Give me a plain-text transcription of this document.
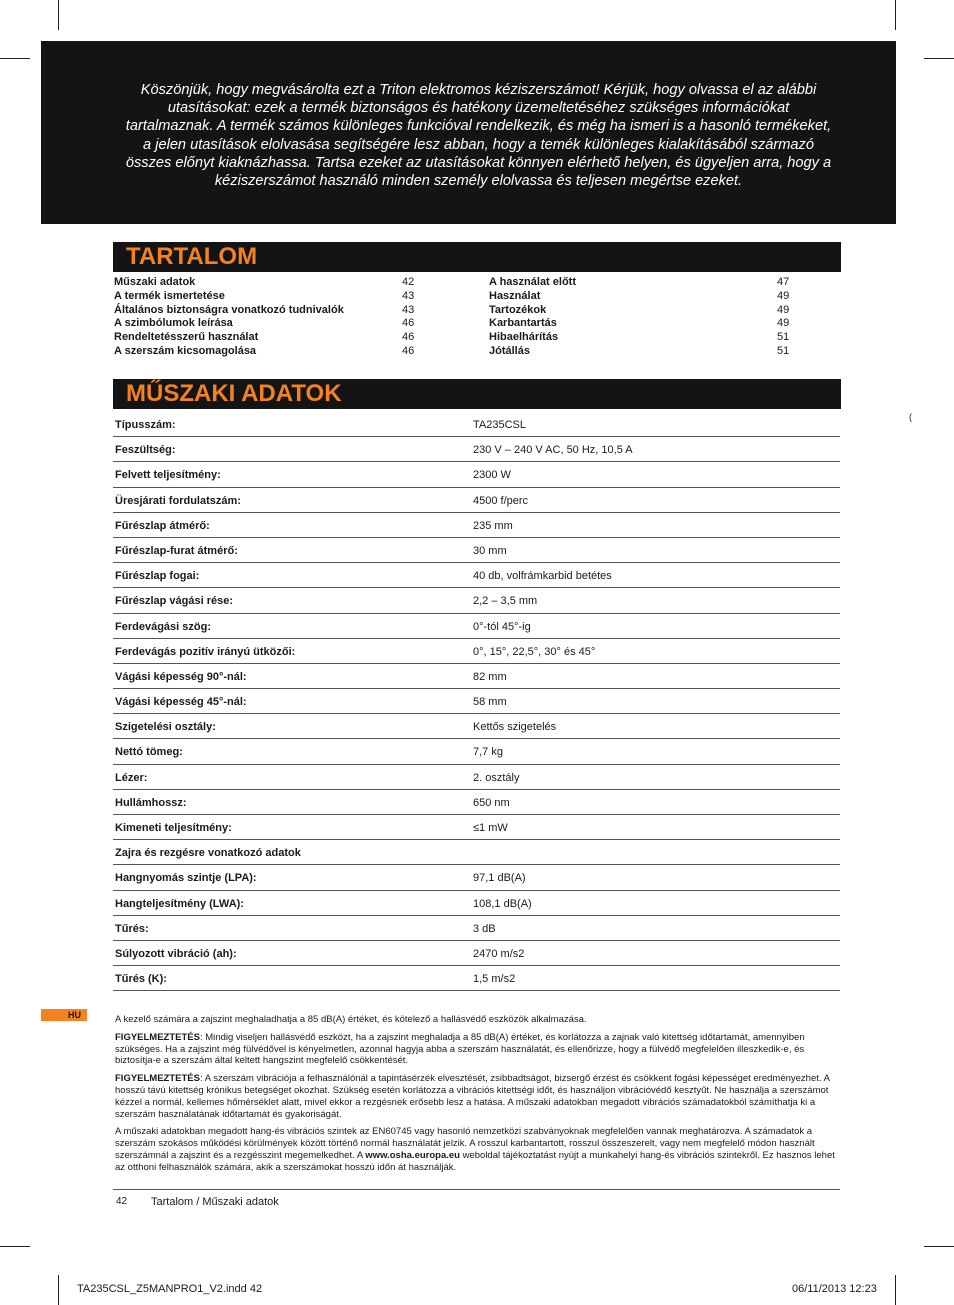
Köszönjük, hogy megvásárolta ezt a Triton elektromos kéziszerszámot! Kérjük, hogy olvassa el az alábbi utasításokat: ezek a termék biztonságos és hatékony üzemeltetéséhez szükséges információkat tartalmaznak. A termék számos különleges funkcióval rendelkezik, és még ha ismeri is a hasonló termékeket, a jelen utasítások elolvasása segítségére lesz abban, hogy a temék különleges kialakításából származó összes előnyt kiaknázhassa. Tartsa ezeket az utasításokat könnyen elérhető helyen, és ügyeljen arra, hogy a kéziszerszámot használó minden személy elolvassa és teljesen megértse ezeket.

TARTALOM
Műszaki adatok	42
A termék ismertetése	43
Általános biztonságra vonatkozó tudnivalók	43
A szimbólumok leírása	46
Rendeltetésszerű használat	46
A szerszám kicsomagolása	46
A használat előtt	47
Használat	49
Tartozékok	49
Karbantartás	49
Hibaelhárítás	51
Jótállás	51
MŰSZAKI ADATOK
(
Típusszám:	TA235CSL
Feszültség:	230 V – 240 V AC, 50 Hz, 10,5 A
Felvett teljesítmény:	2300 W
Üresjárati fordulatszám:	4500 f/perc
Fűrészlap átmérő:	235 mm
Fűrészlap-furat átmérő:	30 mm
Fűrészlap fogai:	40 db, volfrámkarbid betétes
Fűrészlap vágási rése:	2,2 – 3,5 mm
Ferdevágási szög:	0°-tól 45°-ig
Ferdevágás pozitív irányú ütközői:	0°, 15°, 22,5°, 30° és 45°
Vágási képesség 90°-nál:	82 mm
Vágási képesség 45°-nál:	58 mm
Szigetelési osztály:	Kettős szigetelés
Nettó tömeg:	7,7 kg
Lézer:	2. osztály
Hullámhossz:	650 nm
Kimeneti teljesítmény:	≤1 mW
Zajra és rezgésre vonatkozó adatok
Hangnyomás szintje (LPA):	97,1 dB(A)
Hangteljesítmény (LWA):	108,1 dB(A)
Tűrés:	3 dB
Súlyozott vibráció (ah):	2470 m/s2
Tűrés (K):	1,5 m/s2
HU	A kezelő számára a zajszint meghaladhatja a 85 dB(A) értéket, és kötelező a hallásvédő eszközök alkalmazása.

FIGYELMEZTETÉS: Mindig viseljen hallásvédő eszközt, ha a zajszint meghaladja a 85 dB(A) értéket, és korlátozza a zajnak való kitettség időtartamát, amennyiben szükséges. Ha a zajszint még fülvédővel is kényelmetlen, azonnal hagyja abba a szerszám használatát, és ellenőrizze, hogy a fülvédő megfelelően illeszkedik-e, és biztosítja-e a szerszám által keltett hangszint megfelelő csökkentését.

FIGYELMEZTETÉS: A szerszám vibrációja a felhasználónál a tapintásérzék elvesztését, zsibbadtságot, bizsergő érzést és csökkent fogási képességet eredményezhet. A hosszú távú kitettség krónikus betegséget okozhat. Szükség esetén korlátozza a vibrációs kitettségi időt, és használjon vibrációvédő kesztyűt. Ne használja a szerszámot kézzel a normál, kellemes hőmérséklet alatt, mivel ekkor a rezgésnek erősebb lesz a hatása. A műszaki adatokban megadott vibrációs számadatokból számíthatja ki a szerszám használatának időtartamát és gyakoriságát.

A műszaki adatokban megadott hang-és vibrációs szintek az EN60745 vagy hasonló nemzetközi szabványoknak megfelelően vannak meghatározva. A számadatok a szerszám szokásos működési körülmények között történő normál használatát jelzik. A rosszul karbantartott, rosszul összeszerelt, vagy nem megfelelő módon használt szerszámnál a zajszint és a rezgésszint megemelkedhet. A www.osha.europa.eu weboldal tájékoztatást nyújt a munkahelyi hang-és vibrációs szintekről. Ez hasznos lehet az otthoni felhasználók számára, akik a szerszámokat hosszú időn át használják.

42 Tartalom / Műszaki adatok
TA235CSL_Z5MANPRO1_V2.indd 42	06/11/2013 12:23
